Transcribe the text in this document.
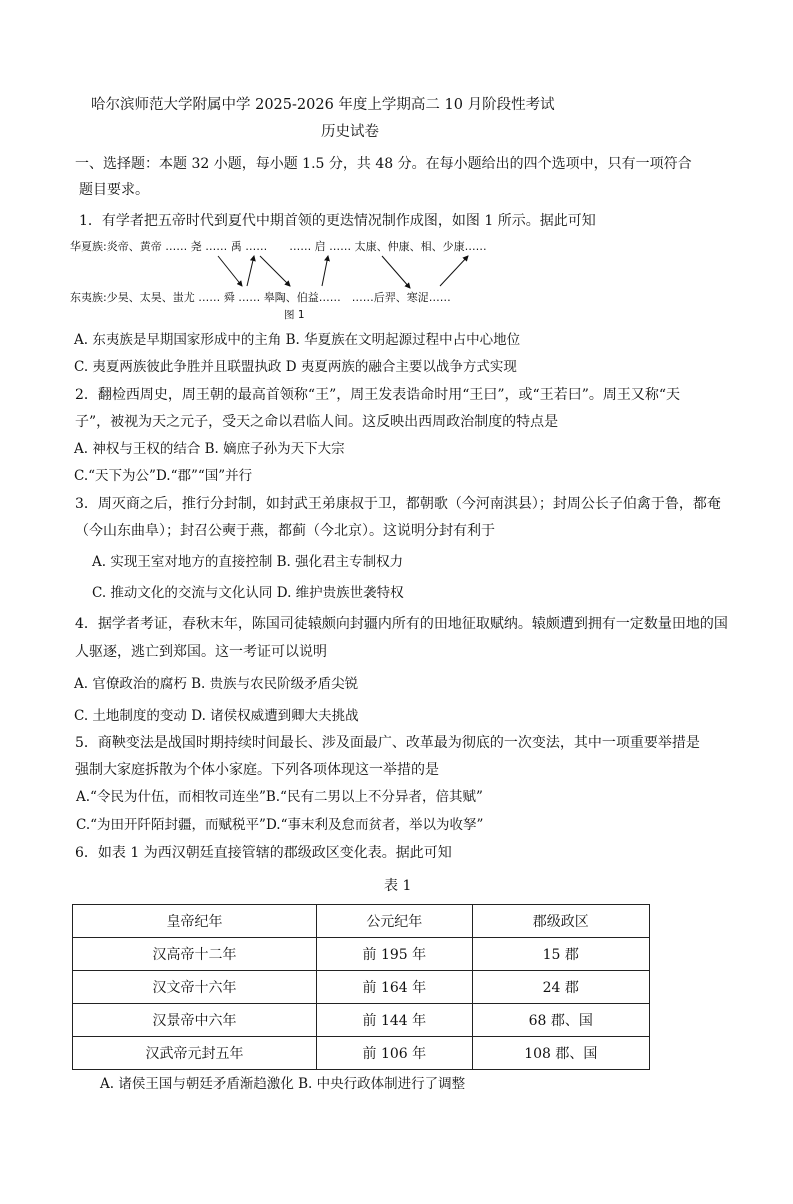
哈尔滨师范大学附属中学 2025-2026 年度上学期高二 10 月阶段性考试
历史试卷
一、选择题：本题 32 小题，每小题 1.5 分，共 48 分。在每小题给出的四个选项中，只有一项符合
题目要求。
1．有学者把五帝时代到夏代中期首领的更迭情况制作成图，如图 1 所示。据此可知
华夏族:炎帝、黄帝 …… 尧 …… 禹 ……　　…… 启 …… 太康、仲康、相、少康……
东夷族:少昊、太昊、蚩尤 …… 舜 …… 皋陶、伯益……　……后羿、寒浞……
图 1
A. 东夷族是早期国家形成中的主角 B. 华夏族在文明起源过程中占中心地位
C. 夷夏两族彼此争胜并且联盟执政 D 夷夏两族的融合主要以战争方式实现
2．翻检西周史，周王朝的最高首领称“王”，周王发表诰命时用“王曰”，或“王若曰”。周王又称“天
子”，被视为天之元子，受天之命以君临人间。这反映出西周政治制度的特点是
A. 神权与王权的结合 B. 嫡庶子孙为天下大宗
C.“天下为公”D.“郡”“国”并行
3．周灭商之后，推行分封制，如封武王弟康叔于卫，都朝歌（今河南淇县）；封周公长子伯禽于鲁，都奄
（今山东曲阜）；封召公奭于燕，都蓟（今北京）。这说明分封有利于
A. 实现王室对地方的直接控制 B. 强化君主专制权力
C. 推动文化的交流与文化认同 D. 维护贵族世袭特权
4．据学者考证，春秋末年，陈国司徒辕颇向封疆内所有的田地征取赋纳。辕颇遭到拥有一定数量田地的国
人驱逐，逃亡到郑国。这一考证可以说明
A. 官僚政治的腐朽 B. 贵族与农民阶级矛盾尖锐
C. 土地制度的变动 D. 诸侯权威遭到卿大夫挑战
5．商鞅变法是战国时期持续时间最长、涉及面最广、改革最为彻底的一次变法，其中一项重要举措是
强制大家庭拆散为个体小家庭。下列各项体现这一举措的是
A.“令民为什伍，而相牧司连坐”B.“民有二男以上不分异者，倍其赋”
C.“为田开阡陌封疆，而赋税平”D.“事末利及怠而贫者，举以为收孥”
6．如表 1 为西汉朝廷直接管辖的郡级政区变化表。据此可知
表 1
皇帝纪年	公元纪年	郡级政区
汉高帝十二年	前 195 年	15 郡
汉文帝十六年	前 164 年	24 郡
汉景帝中六年	前 144 年	68 郡、国
汉武帝元封五年	前 106 年	108 郡、国
A. 诸侯王国与朝廷矛盾渐趋激化 B. 中央行政体制进行了调整
